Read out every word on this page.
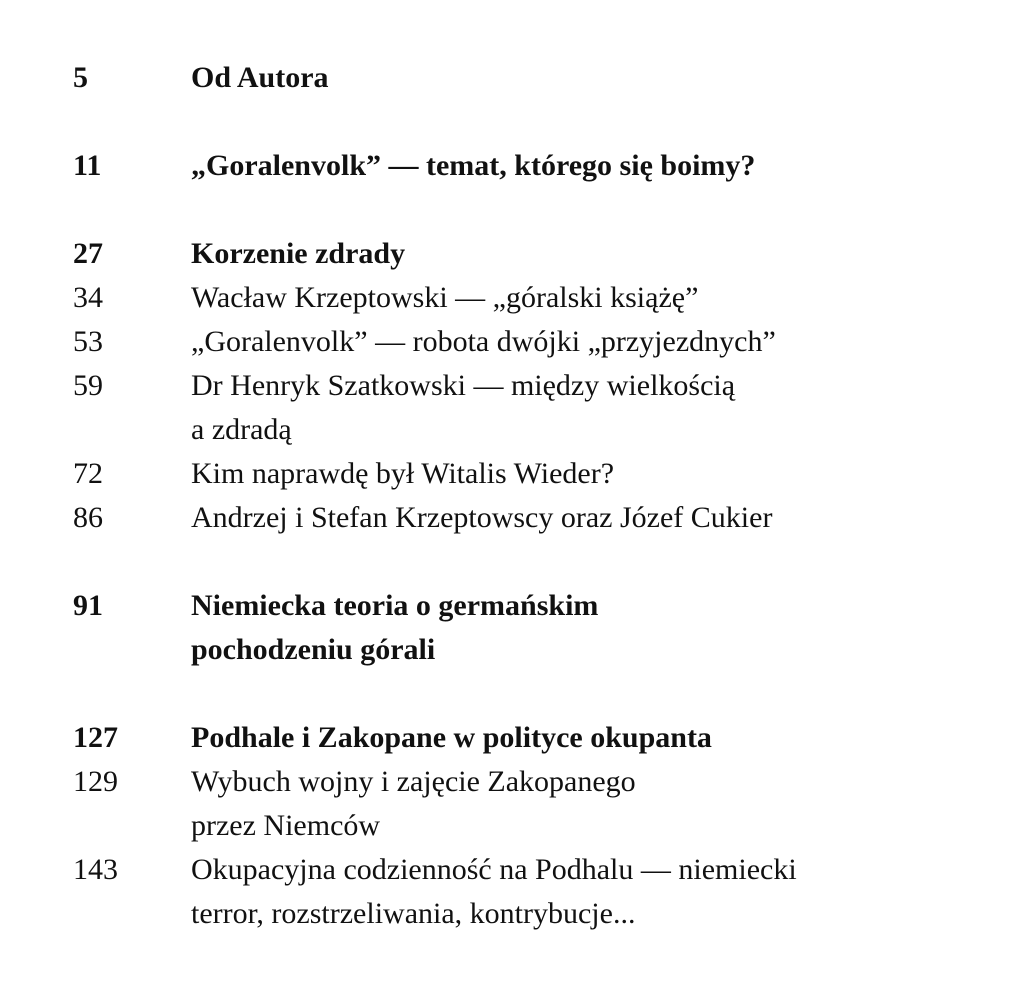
5	Od Autora
11	„Goralenvolk” — temat, którego się boimy?
27	Korzenie zdrady
34	Wacław Krzeptowski — „góralski książę”
53	„Goralenvolk” — robota dwójki „przyjezdnych”
59	Dr Henryk Szatkowski — między wielkością
a zdradą
72	Kim naprawdę był Witalis Wieder?
86	Andrzej i Stefan Krzeptowscy oraz Józef Cukier
91	Niemiecka teoria o germańskim
pochodzeniu górali
127	Podhale i Zakopane w polityce okupanta
129	Wybuch wojny i zajęcie Zakopanego
przez Niemców
143	Okupacyjna codzienność na Podhalu — niemiecki
terror, rozstrzeliwania, kontrybucje...
